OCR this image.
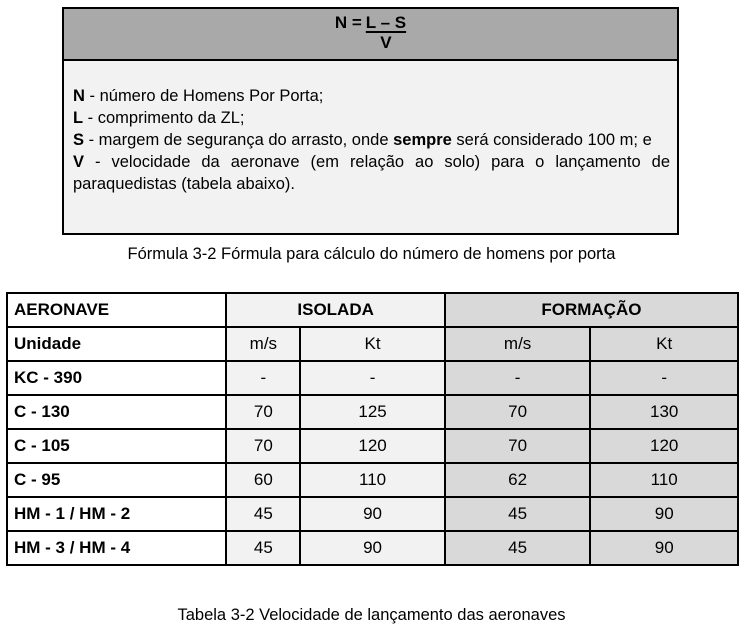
$N = \frac{L - S}{V}$

N - número de Homens Por Porta;

L - comprimento da ZL;

S - margem de segurança do arrasto, onde sempre será considerado 100 m; e

V - velocidade da aeronave (em relação ao solo) para o lançamento de paraquedistas (tabela abaixo).

Fórmula 3-2 Fórmula para cálculo do número de homens por porta
AERONAVE	ISOLADA		FORMAÇÃO	
Unidade	m/s	Kt	m/s	Kt
KC - 390	-	-	-	-
C - 130	70	125	70	130
C - 105	70	120	70	120
C - 95	60	110	62	110
HM - 1 / HM - 2	45	90	45	90
HM - 3 / HM - 4	45	90	45	90
Tabela 3-2 Velocidade de lançamento das aeronaves
